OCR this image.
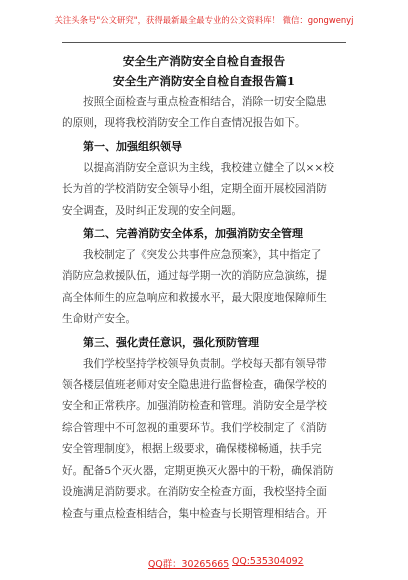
关注头条号"公文研究"，获得最新最全最专业的公文资料库！ 微信：gongwenyj
安全生产消防安全自检自查报告
安全生产消防安全自检自查报告篇1

按照全面检查与重点检查相结合，消除一切安全隐患
的原则，现将我校消防安全工作自查情况报告如下。

第一、加强组织领导

以提高消防安全意识为主线，我校建立健全了以××校
长为首的学校消防安全领导小组，定期全面开展校园消防
安全调查，及时纠正发现的安全问题。

第二、完善消防安全体系，加强消防安全管理

我校制定了《突发公共事件应急预案》，其中指定了
消防应急救援队伍，通过每学期一次的消防应急演练，提
高全体师生的应急响应和救援水平，最大限度地保障师生
生命财产安全。

第三、强化责任意识，强化预防管理

我们学校坚持学校领导负责制。学校每天都有领导带
领各楼层值班老师对安全隐患进行监督检查，确保学校的
安全和正常秩序。加强消防检查和管理。消防安全是学校
综合管理中不可忽视的重要环节。我们学校制定了《消防
安全管理制度》，根据上级要求，确保楼梯畅通，扶手完
好。配备5个灭火器，定期更换灭火器中的干粉，确保消防
设施满足消防要求。在消防安全检查方面，我校坚持全面
检查与重点检查相结合，集中检查与长期管理相结合。开

QQ群：30265665 QQ:535304092
